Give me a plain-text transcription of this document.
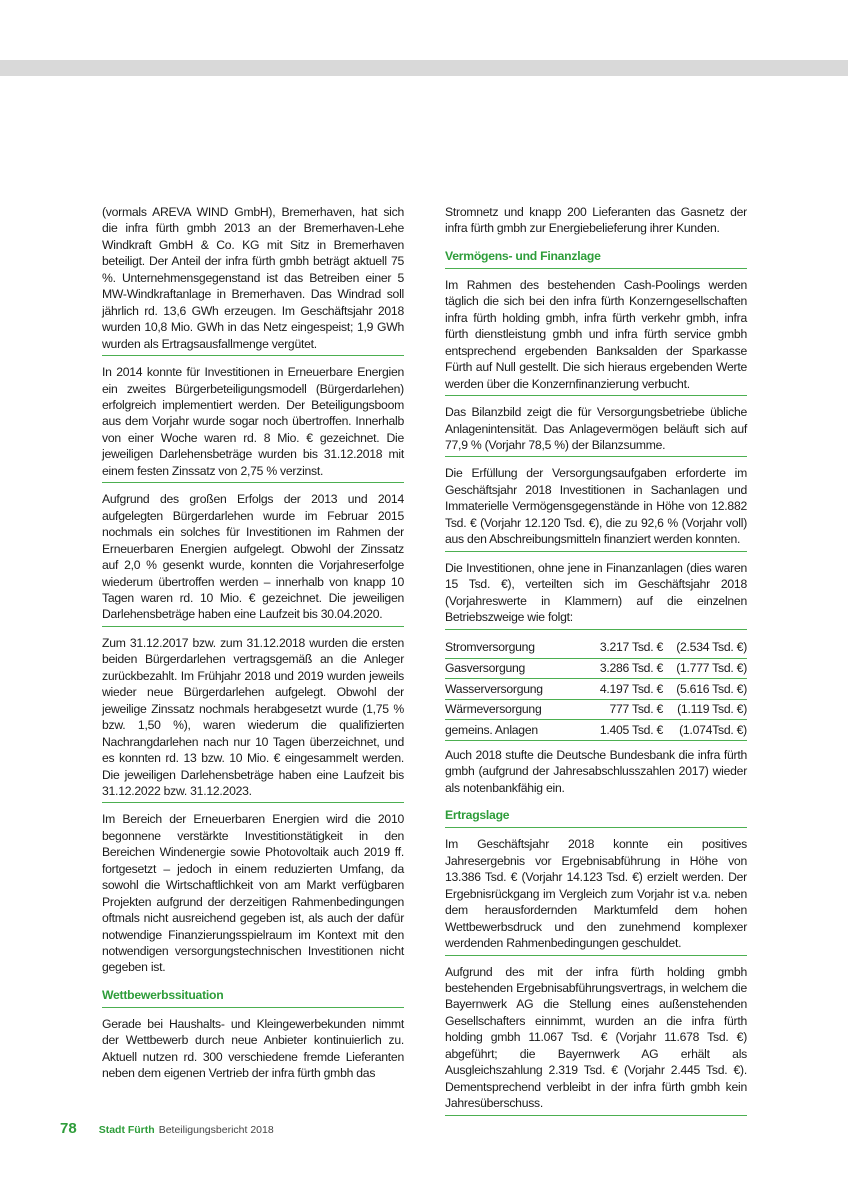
(vormals AREVA WIND GmbH), Bremerhaven, hat sich die infra fürth gmbh 2013 an der Bremerhaven-Lehe Windkraft GmbH & Co. KG mit Sitz in Bremerhaven beteiligt. Der Anteil der infra fürth gmbh beträgt aktuell 75 %. Unternehmensgegenstand ist das Betreiben einer 5 MW-Windkraftanlage in Bremerhaven. Das Windrad soll jährlich rd. 13,6 GWh erzeugen. Im Geschäftsjahr 2018 wurden 10,8 Mio. GWh in das Netz eingespeist; 1,9 GWh wurden als Ertragsausfallmenge vergütet.

In 2014 konnte für Investitionen in Erneuerbare Energien ein zweites Bürgerbeteiligungsmodell (Bürgerdarlehen) erfolgreich implementiert werden. Der Beteiligungsboom aus dem Vorjahr wurde sogar noch übertroffen. Innerhalb von einer Woche waren rd. 8 Mio. € gezeichnet. Die jeweiligen Darlehensbeträge wurden bis 31.12.2018 mit einem festen Zinssatz von 2,75 % verzinst.

Aufgrund des großen Erfolgs der 2013 und 2014 aufgelegten Bürgerdarlehen wurde im Februar 2015 nochmals ein solches für Investitionen im Rahmen der Erneuerbaren Energien aufgelegt. Obwohl der Zinssatz auf 2,0 % gesenkt wurde, konnten die Vorjahreserfolge wiederum übertroffen werden – innerhalb von knapp 10 Tagen waren rd. 10 Mio. € gezeichnet. Die jeweiligen Darlehensbeträge haben eine Laufzeit bis 30.04.2020.

Zum 31.12.2017 bzw. zum 31.12.2018 wurden die ersten beiden Bürgerdarlehen vertragsgemäß an die Anleger zurückbezahlt. Im Frühjahr 2018 und 2019 wurden jeweils wieder neue Bürgerdarlehen aufgelegt. Obwohl der jeweilige Zinssatz nochmals herabgesetzt wurde (1,75 % bzw. 1,50 %), waren wiederum die qualifizierten Nachrangdarlehen nach nur 10 Tagen überzeichnet, und es konnten rd. 13 bzw. 10 Mio. € eingesammelt werden. Die jeweiligen Darlehensbeträge haben eine Laufzeit bis 31.12.2022 bzw. 31.12.2023.

Im Bereich der Erneuerbaren Energien wird die 2010 begonnene verstärkte Investitionstätigkeit in den Bereichen Windenergie sowie Photovoltaik auch 2019 ff. fortgesetzt – jedoch in einem reduzierten Umfang, da sowohl die Wirtschaftlichkeit von am Markt verfügbaren Projekten aufgrund der derzeitigen Rahmenbedingungen oftmals nicht ausreichend gegeben ist, als auch der dafür notwendige Finanzierungsspielraum im Kontext mit den notwendigen versorgungstechnischen Investitionen nicht gegeben ist.

Wettbewerbssituation

Gerade bei Haushalts- und Kleingewerbekunden nimmt der Wettbewerb durch neue Anbieter kontinuierlich zu. Aktuell nutzen rd. 300 verschiedene fremde Lieferanten neben dem eigenen Vertrieb der infra fürth gmbh das

Stromnetz und knapp 200 Lieferanten das Gasnetz der infra fürth gmbh zur Energiebelieferung ihrer Kunden.

Vermögens- und Finanzlage

Im Rahmen des bestehenden Cash-Poolings werden täglich die sich bei den infra fürth Konzerngesellschaften infra fürth holding gmbh, infra fürth verkehr gmbh, infra fürth dienstleistung gmbh und infra fürth service gmbh entsprechend ergebenden Banksalden der Sparkasse Fürth auf Null gestellt. Die sich hieraus ergebenden Werte werden über die Konzernfinanzierung verbucht.

Das Bilanzbild zeigt die für Versorgungsbetriebe übliche Anlagenintensität. Das Anlagevermögen beläuft sich auf 77,9 % (Vorjahr 78,5 %) der Bilanzsumme.

Die Erfüllung der Versorgungsaufgaben erforderte im Geschäftsjahr 2018 Investitionen in Sachanlagen und Immaterielle Vermögensgegenstände in Höhe von 12.882 Tsd. € (Vorjahr 12.120 Tsd. €), die zu 92,6 % (Vorjahr voll) aus den Abschreibungsmitteln finanziert werden konnten.

Die Investitionen, ohne jene in Finanzanlagen (dies waren 15 Tsd. €), verteilten sich im Geschäftsjahr 2018 (Vorjahreswerte in Klammern) auf die einzelnen Betriebszweige wie folgt:

Stromversorgung	3.217 Tsd. €	(2.534 Tsd. €)
Gasversorgung	3.286 Tsd. €	(1.777 Tsd. €)
Wasserversorgung	4.197 Tsd. €	(5.616 Tsd. €)
Wärmeversorgung	777 Tsd. €	(1.119 Tsd. €)
gemeins. Anlagen	1.405 Tsd. €	(1.074Tsd. €)

Auch 2018 stufte die Deutsche Bundesbank die infra fürth gmbh (aufgrund der Jahresabschlusszahlen 2017) wieder als notenbankfähig ein.

Ertragslage

Im Geschäftsjahr 2018 konnte ein positives Jahresergebnis vor Ergebnisabführung in Höhe von 13.386 Tsd. € (Vorjahr 14.123 Tsd. €) erzielt werden. Der Ergebnisrückgang im Vergleich zum Vorjahr ist v.a. neben dem herausfordernden Marktumfeld dem hohen Wettbewerbsdruck und den zunehmend komplexer werdenden Rahmenbedingungen geschuldet.

Aufgrund des mit der infra fürth holding gmbh bestehenden Ergebnisabführungsvertrags, in welchem die Bayernwerk AG die Stellung eines außenstehenden Gesellschafters einnimmt, wurden an die infra fürth holding gmbh 11.067 Tsd. € (Vorjahr 11.678 Tsd. €) abgeführt; die Bayernwerk AG erhält als Ausgleichszahlung 2.319 Tsd. € (Vorjahr 2.445 Tsd. €). Dementsprechend verbleibt in der infra fürth gmbh kein Jahresüberschuss.

78 Stadt Fürth Beteiligungsbericht 2018
